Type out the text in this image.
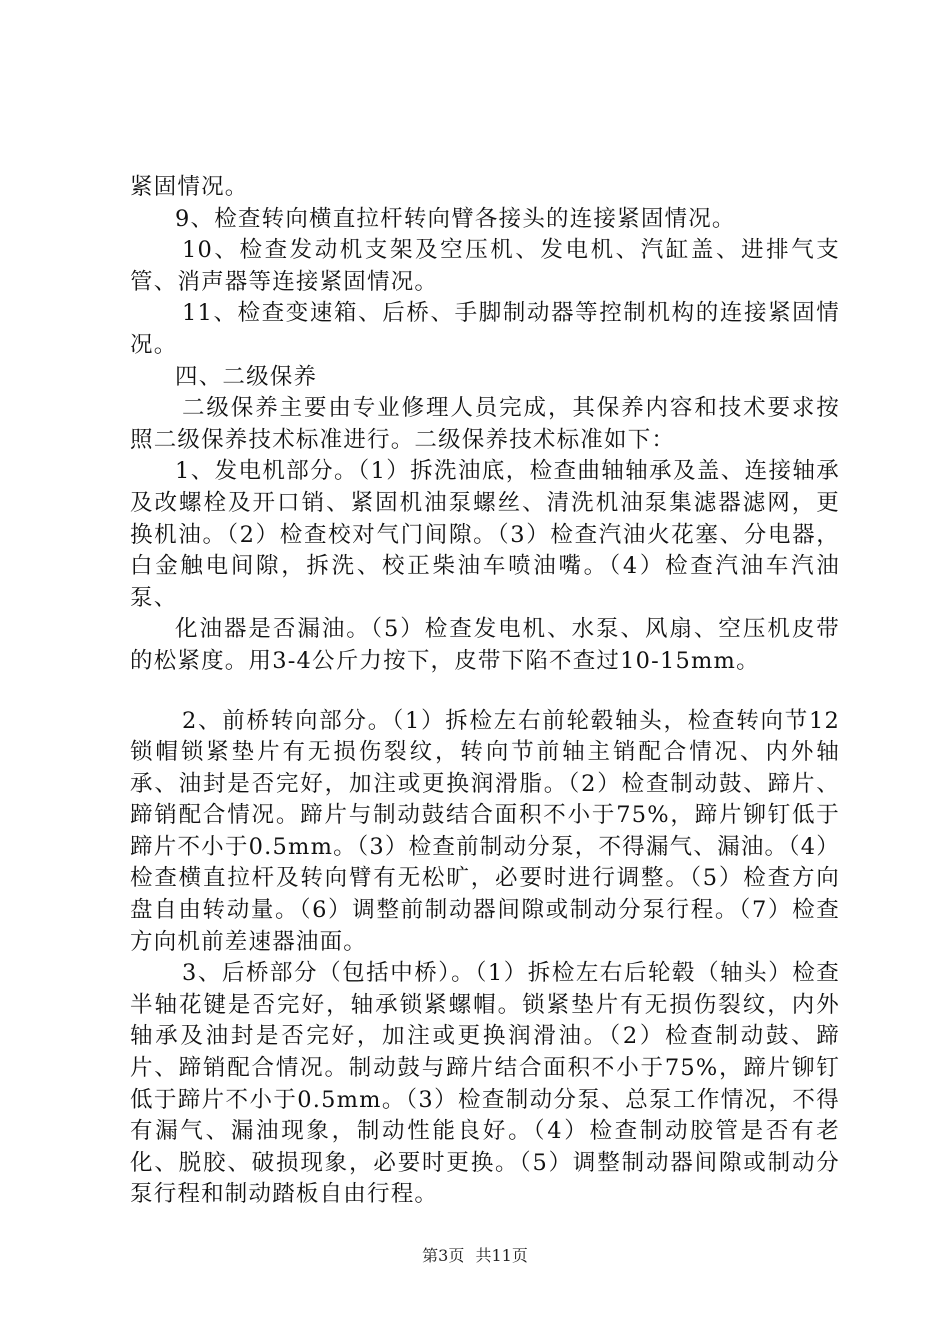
紧固情况。

9、检查转向横直拉杆转向臂各接头的连接紧固情况。

10、检查发动机支架及空压机、发电机、汽缸盖、进排气支管、消声器等连接紧固情况。

11、检查变速箱、后桥、手脚制动器等控制机构的连接紧固情况。

四、二级保养

二级保养主要由专业修理人员完成，其保养内容和技术要求按照二级保养技术标准进行。二级保养技术标准如下：

1、发电机部分。（1）拆洗油底，检查曲轴轴承及盖、连接轴承及改螺栓及开口销、紧固机油泵螺丝、清洗机油泵集滤器滤网，更换机油。（2）检查校对气门间隙。（3）检查汽油火花塞、分电器，白金触电间隙，拆洗、校正柴油车喷油嘴。（4）检查汽油车汽油泵、

化油器是否漏油。（5）检查发电机、水泵、风扇、空压机皮带的松紧度。用3-4公斤力按下，皮带下陷不查过10-15mm。

2、前桥转向部分。（1）拆检左右前轮毂轴头，检查转向节12锁帽锁紧垫片有无损伤裂纹，转向节前轴主销配合情况、内外轴承、油封是否完好，加注或更换润滑脂。（2）检查制动鼓、蹄片、蹄销配合情况。蹄片与制动鼓结合面积不小于75%，蹄片铆钉低于蹄片不小于0.5mm。（3）检查前制动分泵，不得漏气、漏油。（4）检查横直拉杆及转向臂有无松旷，必要时进行调整。（5）检查方向盘自由转动量。（6）调整前制动器间隙或制动分泵行程。（7）检查方向机前差速器油面。

3、后桥部分（包括中桥）。（1）拆检左右后轮毂（轴头）检查半轴花键是否完好，轴承锁紧螺帽。锁紧垫片有无损伤裂纹，内外轴承及油封是否完好，加注或更换润滑油。（2）检查制动鼓、蹄片、蹄销配合情况。制动鼓与蹄片结合面积不小于75%，蹄片铆钉低于蹄片不小于0.5mm。（3）检查制动分泵、总泵工作情况，不得有漏气、漏油现象，制动性能良好。（4）检查制动胶管是否有老化、脱胶、破损现象，必要时更换。（5）调整制动器间隙或制动分泵行程和制动踏板自由行程。

第3页 共11页
